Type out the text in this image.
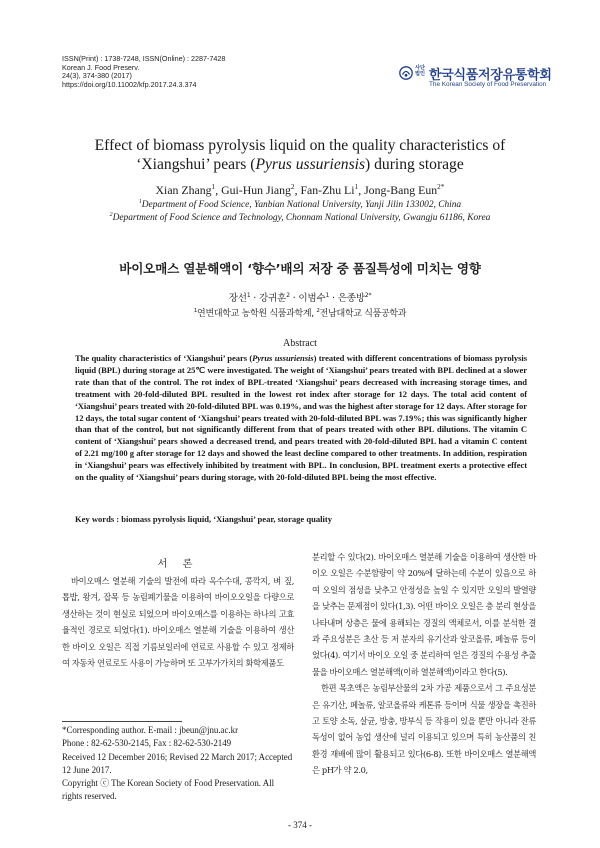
ISSN(Print) : 1738-7248, ISSN(Online) : 2287-7428
Korean J. Food Preserv.
24(3), 374-380 (2017)
https://doi.org/10.11002/kfp.2017.24.3.374
사단법인 한국식품저장유통학회
The Korean Society of Food Preservation
Effect of biomass pyrolysis liquid on the quality characteristics of
‘Xiangshui’ pears (Pyrus ussuriensis) during storage
Xian Zhang$^1$, Gui-Hun Jiang$^2$, Fan-Zhu Li$^1$, Jong-Bang Eun$^{2*}$
$^1$Department of Food Science, Yanbian National University, Yanji Jilin 133002, China
$^2$Department of Food Science and Technology, Chonnam National University, Gwangju 61186, Korea
바이오매스 열분해액이 ‘향수’배의 저장 중 품질특성에 미치는 영향
장선$^1$ · 강귀훈$^2$ · 이범수$^1$ · 은종방$^{2*}$
$^1$연변대학교 농학원 식품과학계, $^2$전남대학교 식품공학과
Abstract
The quality characteristics of ‘Xiangshui’ pears (Pyrus ussuriensis) treated with different concentrations of biomass pyrolysis liquid (BPL) during storage at 25℃ were investigated. The weight of ‘Xiangshui’ pears treated with BPL declined at a slower rate than that of the control. The rot index of BPL-treated ‘Xiangshui’ pears decreased with increasing storage times, and treatment with 20-fold-diluted BPL resulted in the lowest rot index after storage for 12 days. The total acid content of ‘Xiangshui’ pears treated with 20-fold-diluted BPL was 0.19%, and was the highest after storage for 12 days. After storage for 12 days, the total sugar content of ‘Xiangshui’ pears treated with 20-fold-diluted BPL was 7.19%; this was significantly higher than that of the control, but not significantly different from that of pears treated with other BPL dilutions. The vitamin C content of ‘Xiangshui’ pears showed a decreased trend, and pears treated with 20-fold-diluted BPL had a vitamin C content of 2.21 mg/100 g after storage for 12 days and showed the least decline compared to other treatments. In addition, respiration in ‘Xiangshui’ pears was effectively inhibited by treatment with BPL. In conclusion, BPL treatment exerts a protective effect on the quality of ‘Xiangshui’ pears during storage, with 20-fold-diluted BPL being the most effective.
Key words : biomass pyrolysis liquid, ‘Xiangshui’ pear, storage quality
서 론
바이오매스 열분해 기술의 발전에 따라 옥수수대, 콩깍지, 벼 짚, 톱밥, 왕겨, 잡목 등 농림폐기물을 이용하여 바이오오일을 다량으로 생산하는 것이 현실로 되었으며 바이오매스를 이용하는 하나의 고효율적인 경로로 되었다(1). 바이오매스 열분해 기술을 이용하여 생산한 바이오 오일은 직접 기름보일러에 연료로 사용할 수 있고 정제하여 자동차 연료로도 사용이 가능하며 또 고부가가치의 화학제품도
분리할 수 있다(2). 바이오매스 열분해 기술을 이용하여 생산한 바이오 오일은 수분함량이 약 20%에 달하는데 수분이 있음으로 하여 오일의 점성을 낮추고 안정성을 높일 수 있지만 오일의 발열량을 낮추는 문제점이 있다(1,3). 어떤 바이오 오일은 층 분리 현상을 나타내며 상층은 물에 용해되는 경질의 액체로서, 이를 분석한 결과 주요성분은 초산 등 저 분자의 유기산과 알코올류, 페놀류 등이었다(4). 여기서 바이오 오일 중 분리하여 얻은 경질의 수용성 추출물을 바이오매스 열분해액(이하 열분해액)이라고 한다(5).
한편 목초액은 농림부산물의 2차 가공 제품으로서 그 주요성분은 유기산, 페놀류, 알코올류와 케톤류 등이며 식물 생장을 촉진하고 토양 소독, 살균, 방충, 방부식 등 작용이 있을 뿐만 아니라 잔류독성이 없어 농업 생산에 널리 이용되고 있으며 특히 농산품의 친환경 재배에 많이 활용되고 있다(6-8). 또한 바이오매스 열분해액은 pH가 약 2.0,
*Corresponding author. E-mail : jbeun@jnu.ac.kr
Phone : 82-62-530-2145, Fax : 82-62-530-2149
Received 12 December 2016; Revised 22 March 2017; Accepted 12 June 2017.
Copyright ⓒ The Korean Society of Food Preservation. All rights reserved.
- 374 -
